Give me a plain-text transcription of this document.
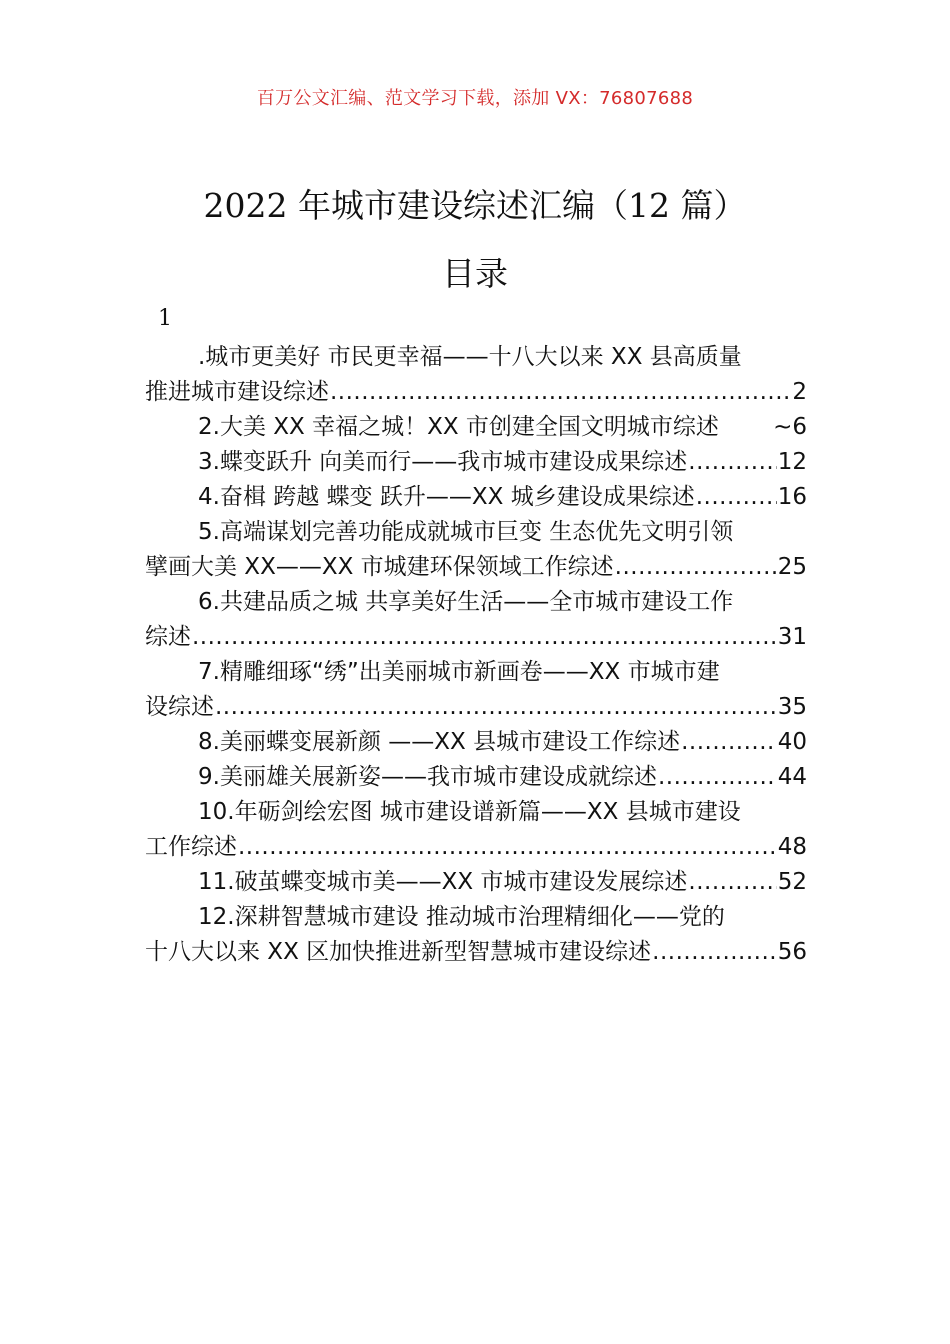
百万公文汇编、范文学习下载，添加 VX：76807688
2022 年城市建设综述汇编（12 篇）
目录
1
.城市更美好 市民更幸福——十八大以来 XX 县高质量
推进城市建设综述 .....	2
2.大美 XX 幸福之城！XX 市创建全国文明城市综述 ~ 6
3.蝶变跃升 向美而行——我市城市建设成果综述 .....	12
4.奋楫 跨越 蝶变 跃升——XX 城乡建设成果综述 .....	16
5.高端谋划完善功能成就城市巨变 生态优先文明引领
擘画大美 XX——XX 市城建环保领域工作综述 .....	25
6.共建品质之城 共享美好生活——全市城市建设工作
综述 .....	31
7.精雕细琢“绣”出美丽城市新画卷——XX 市城市建
设综述 .....	35
8.美丽蝶变展新颜 ——XX 县城市建设工作综述 .....	40
9.美丽雄关展新姿——我市城市建设成就综述 .....	44
10.年砺剑绘宏图 城市建设谱新篇——XX 县城市建设
工作综述 .....	48
11.破茧蝶变城市美——XX 市城市建设发展综述 .....	52
12.深耕智慧城市建设 推动城市治理精细化——党的
十八大以来 XX 区加快推进新型智慧城市建设综述 .....	56
